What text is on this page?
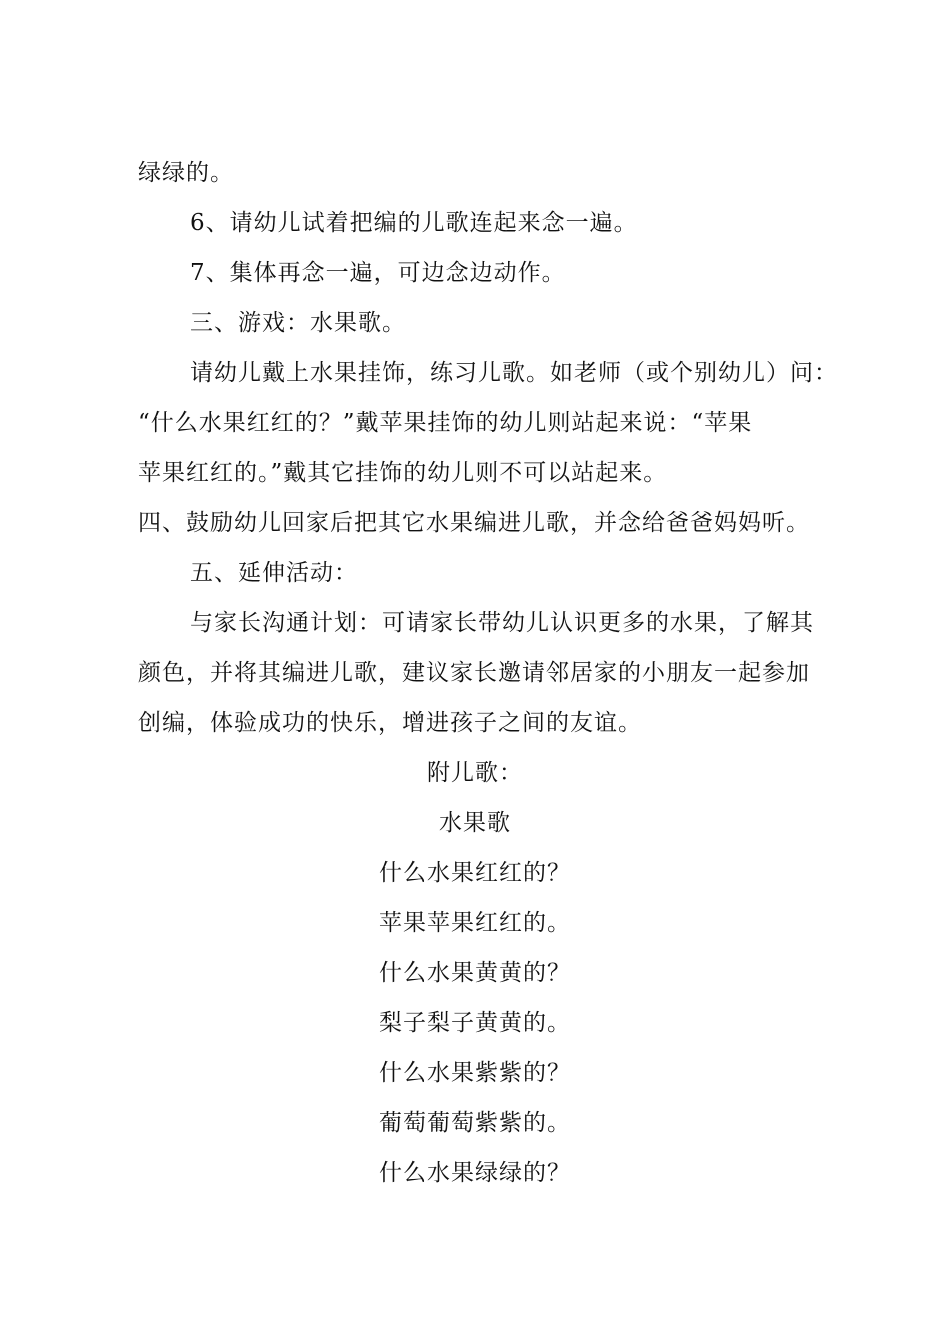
绿绿的。
6、请幼儿试着把编的儿歌连起来念一遍。
7、集体再念一遍，可边念边动作。
三、游戏：水果歌。
请幼儿戴上水果挂饰，练习儿歌。如老师（或个别幼儿）问：
“什么水果红红的？”戴苹果挂饰的幼儿则站起来说：“苹果
苹果红红的。”戴其它挂饰的幼儿则不可以站起来。
四、鼓励幼儿回家后把其它水果编进儿歌，并念给爸爸妈妈听。
五、延伸活动：
与家长沟通计划：可请家长带幼儿认识更多的水果，了解其
颜色，并将其编进儿歌，建议家长邀请邻居家的小朋友一起参加
创编，体验成功的快乐，增进孩子之间的友谊。
附儿歌：
水果歌
什么水果红红的？
苹果苹果红红的。
什么水果黄黄的？
梨子梨子黄黄的。
什么水果紫紫的？
葡萄葡萄紫紫的。
什么水果绿绿的？
